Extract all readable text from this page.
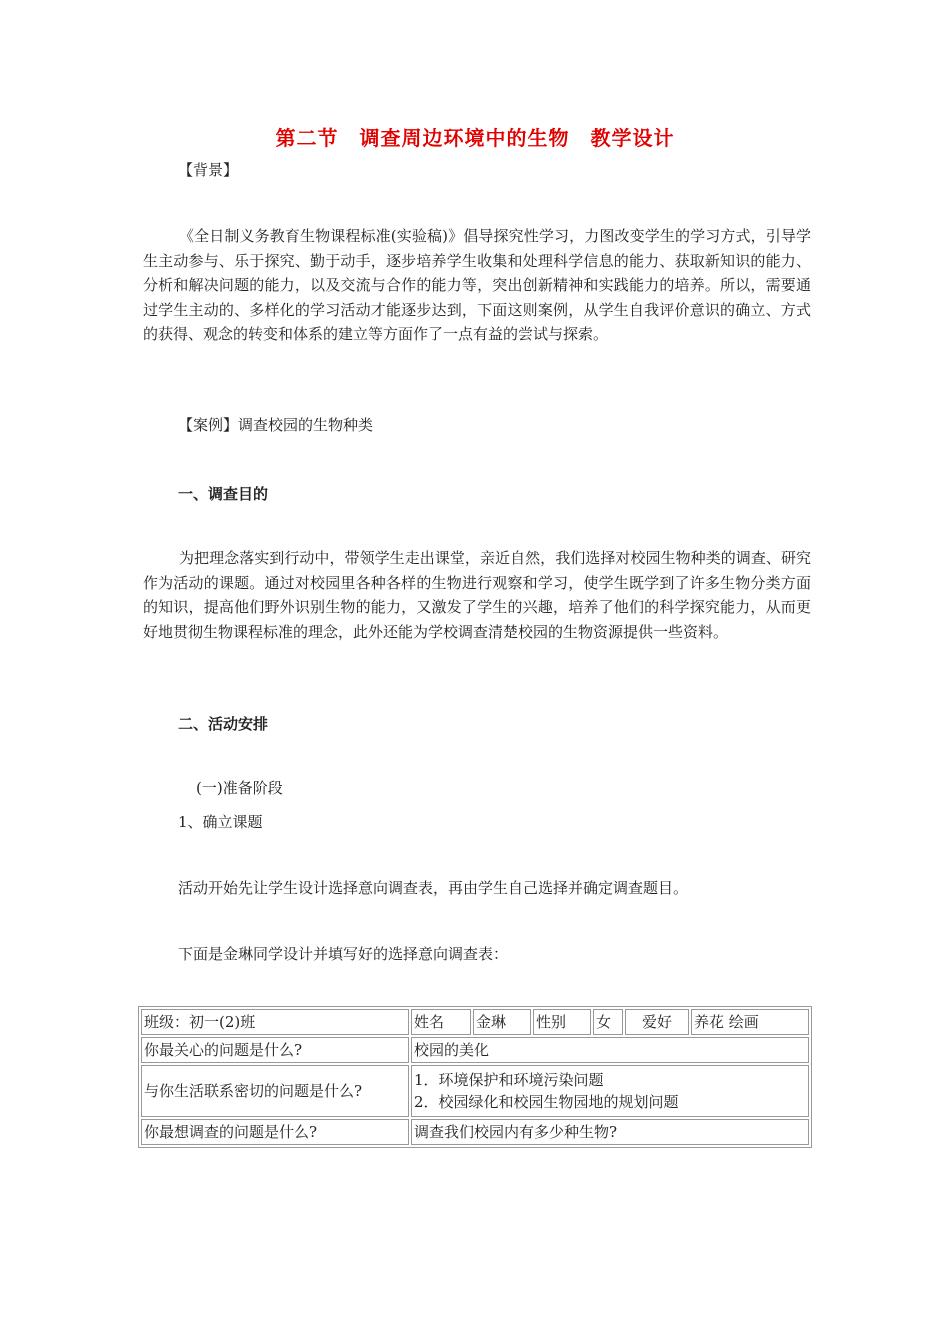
第二节　调查周边环境中的生物　教学设计
【背景】
《全日制义务教育生物课程标准(实验稿)》倡导探究性学习，力图改变学生的学习方式，引导学生主动参与、乐于探究、勤于动手，逐步培养学生收集和处理科学信息的能力、获取新知识的能力、分析和解决问题的能力，以及交流与合作的能力等，突出创新精神和实践能力的培养。所以，需要通过学生主动的、多样化的学习活动才能逐步达到，下面这则案例，从学生自我评价意识的确立、方式的获得、观念的转变和体系的建立等方面作了一点有益的尝试与探索。
【案例】调查校园的生物种类
一、调查目的
为把理念落实到行动中，带领学生走出课堂，亲近自然，我们选择对校园生物种类的调查、研究作为活动的课题。通过对校园里各种各样的生物进行观察和学习，使学生既学到了许多生物分类方面的知识，提高他们野外识别生物的能力，又激发了学生的兴趣，培养了他们的科学探究能力，从而更好地贯彻生物课程标准的理念，此外还能为学校调查清楚校园的生物资源提供一些资料。
二、活动安排
(一)准备阶段
1、确立课题
活动开始先让学生设计选择意向调查表，再由学生自己选择并确定调查题目。
下面是金琳同学设计并填写好的选择意向调查表：
班级：初一(2)班	姓名	金琳	性别	女	爱好	养花 绘画
你最关心的问题是什么?	校园的美化					
与你生活联系密切的问题是什么?	1．环境保护和环境污染问题
2．校园绿化和校园生物园地的规划问题					

你最想调查的问题是什么?	调查我们校园内有多少种生物?					
